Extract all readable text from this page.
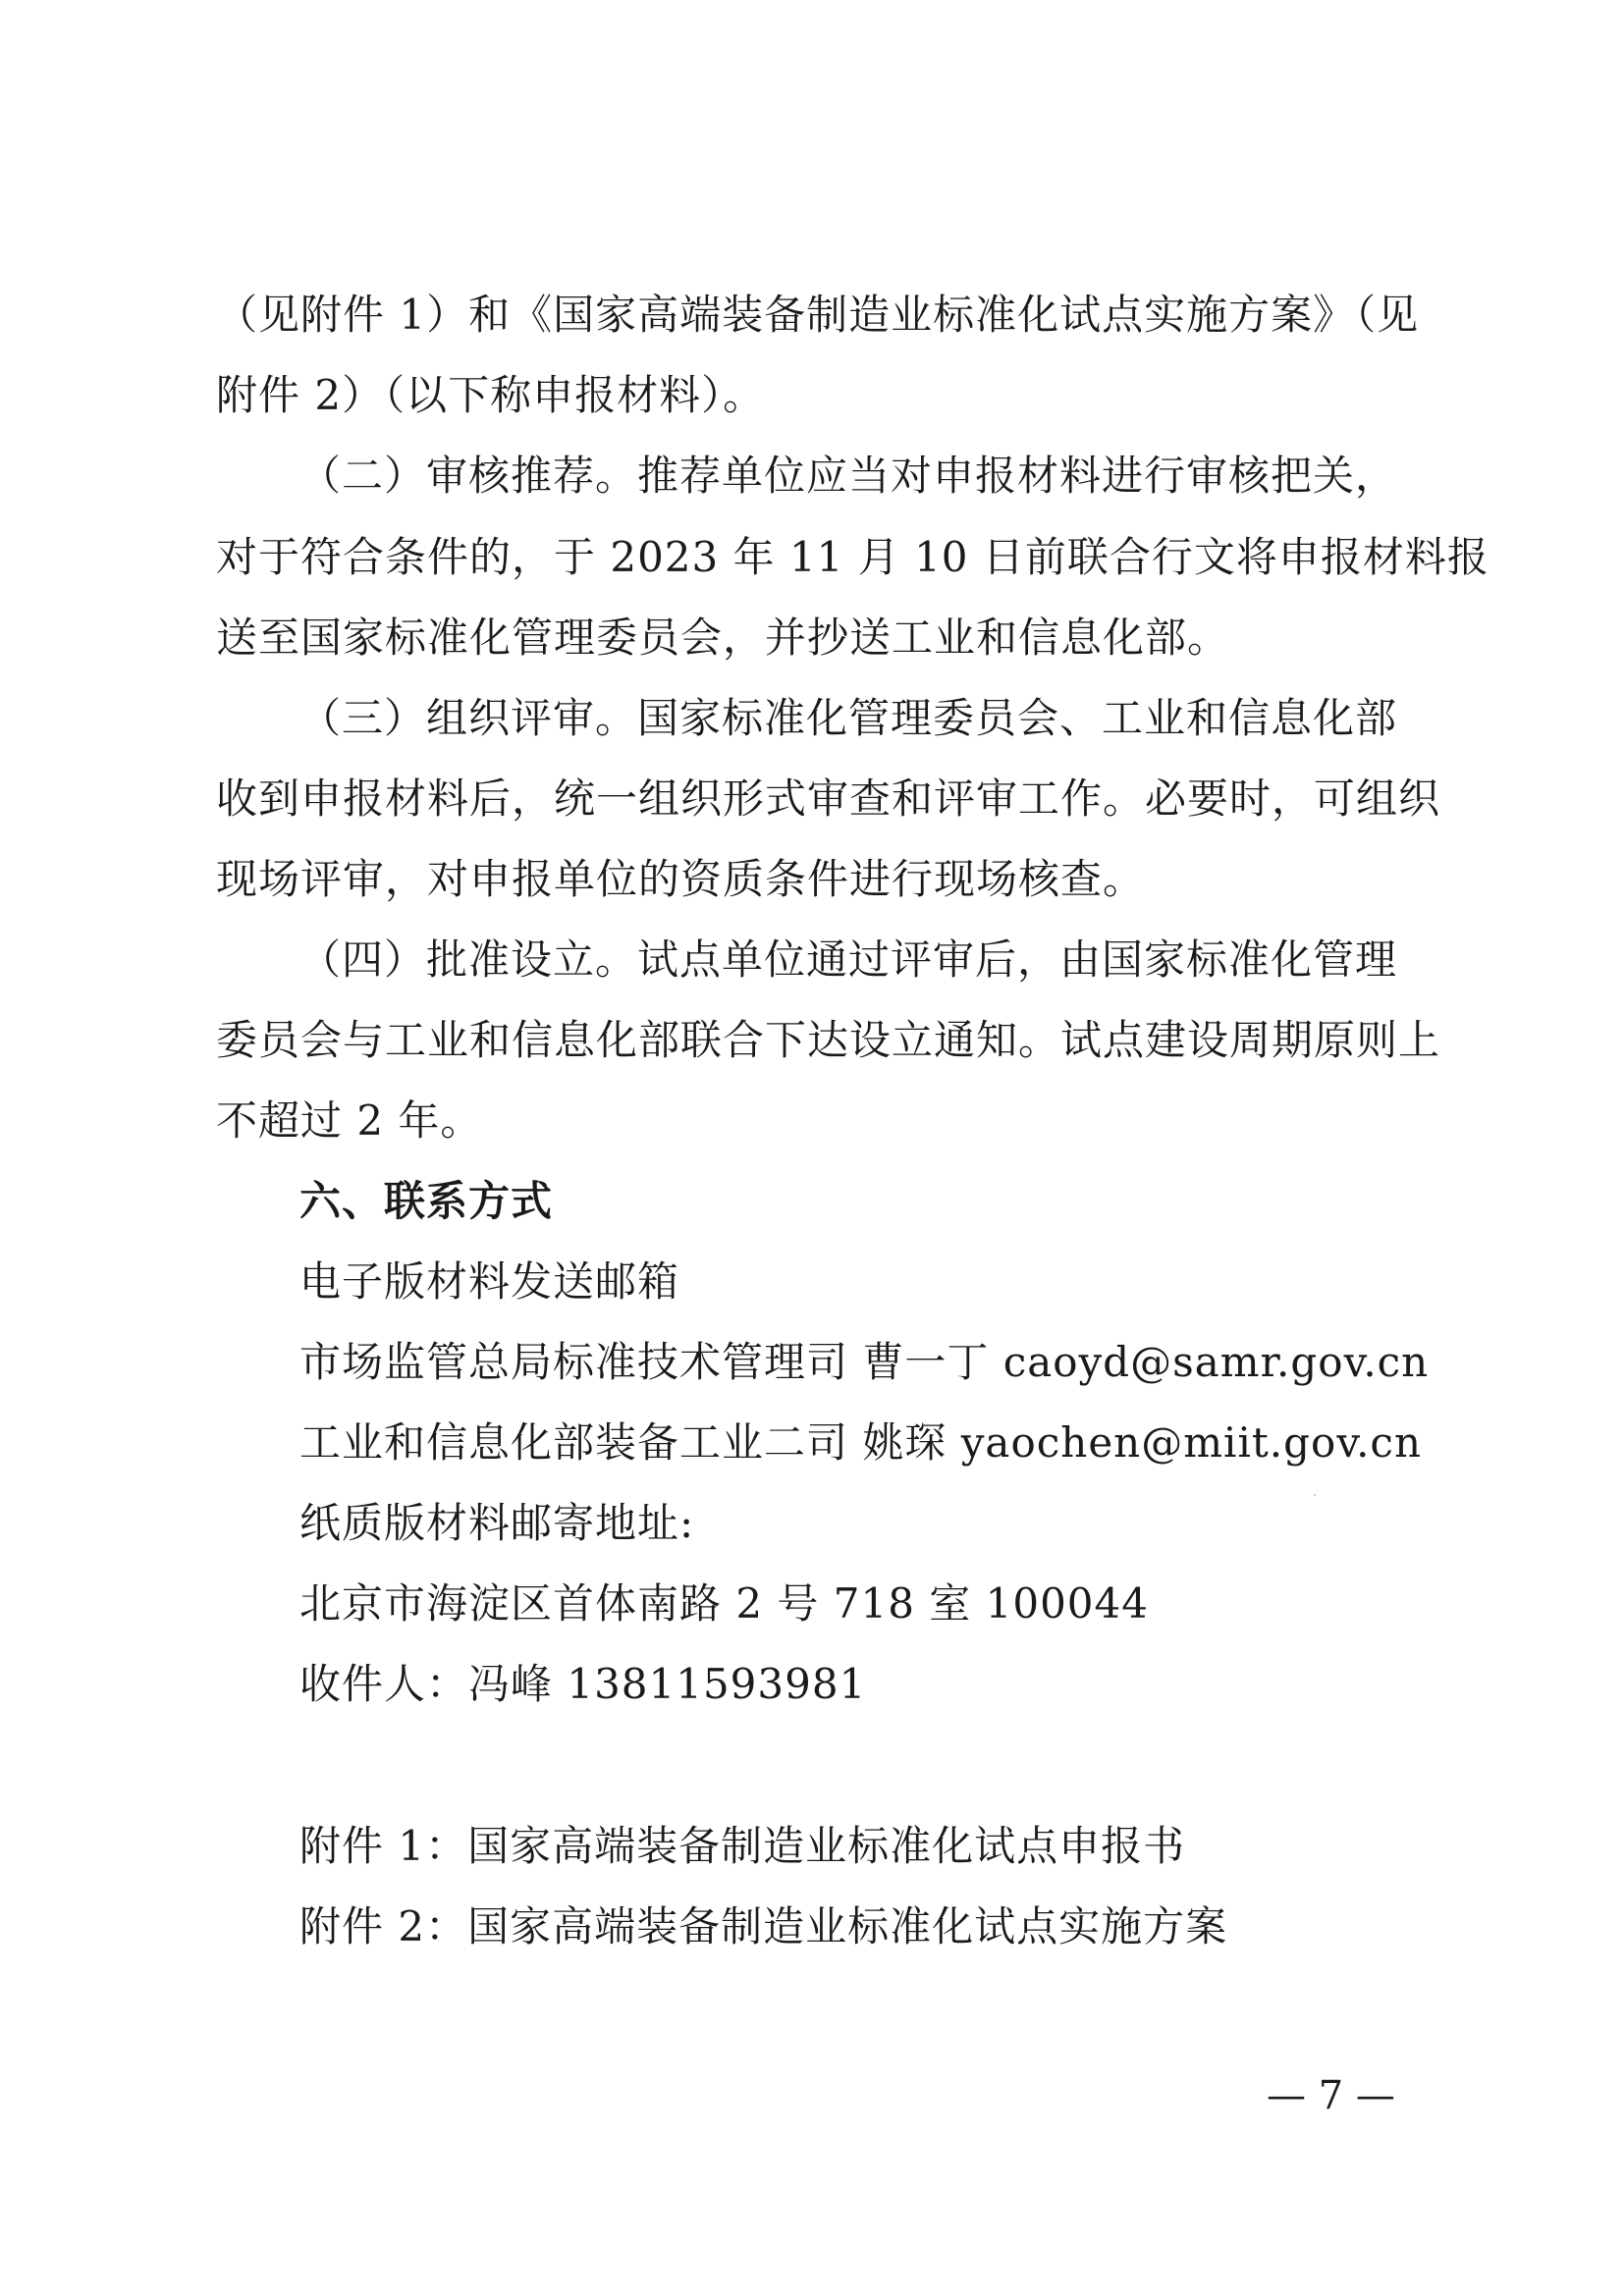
（见附件 1）和《国家高端装备制造业标准化试点实施方案》（见
附件 2）（以下称申报材料）。
（二）审核推荐。推荐单位应当对申报材料进行审核把关，
对于符合条件的，于 2023 年 11 月 10 日前联合行文将申报材料报
送至国家标准化管理委员会，并抄送工业和信息化部。
（三）组织评审。国家标准化管理委员会、工业和信息化部
收到申报材料后，统一组织形式审查和评审工作。必要时，可组织
现场评审，对申报单位的资质条件进行现场核查。
（四）批准设立。试点单位通过评审后，由国家标准化管理
委员会与工业和信息化部联合下达设立通知。试点建设周期原则上
不超过 2 年。
六、联系方式
电子版材料发送邮箱
市场监管总局标准技术管理司 曹一丁 caoyd@samr.gov.cn
工业和信息化部装备工业二司 姚琛 yaochen@miit.gov.cn
纸质版材料邮寄地址:
北京市海淀区首体南路 2 号 718 室 100044
收件人：冯峰 13811593981
附件 1：国家高端装备制造业标准化试点申报书
附件 2：国家高端装备制造业标准化试点实施方案
— 7 —
